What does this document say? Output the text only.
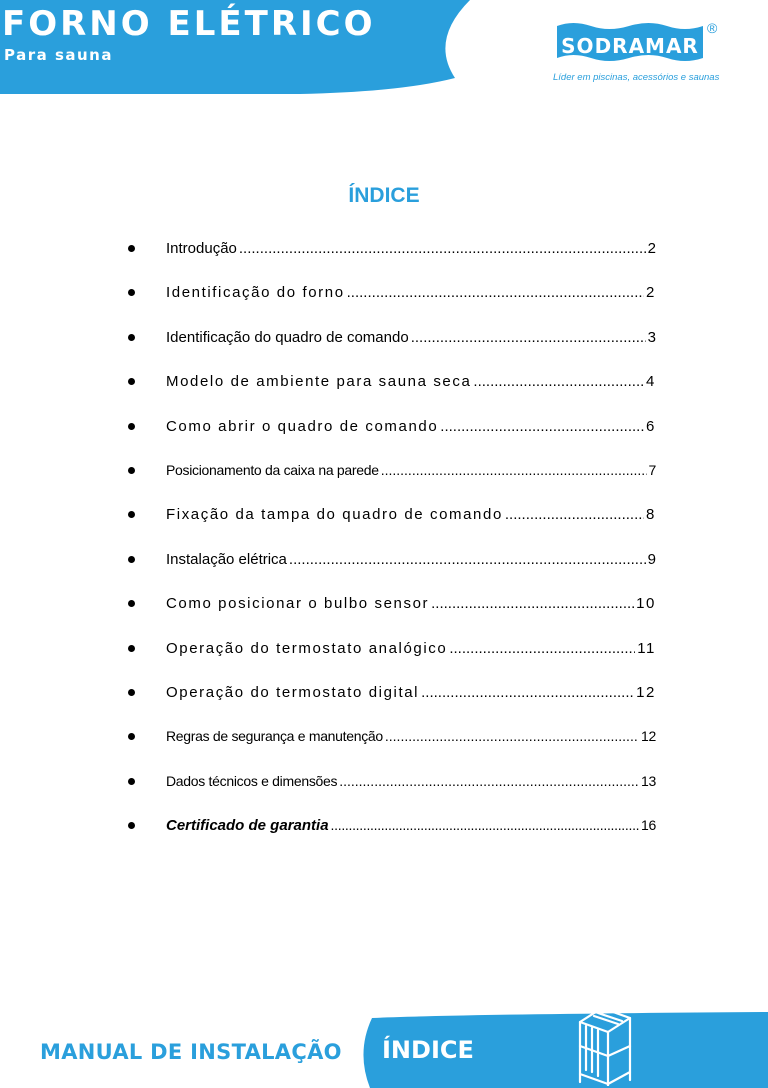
FORNO ELÉTRICO
Para sauna	SODRAMAR
®
Líder em piscinas, acessórios e saunas
ÍNDICE
Introdução .....	2
Identificação do forno .....	2
Identificação do quadro de comando .....	3
Modelo de ambiente para sauna seca .....	4
Como abrir o quadro de comando .....	6
Posicionamento da caixa na parede .....	7
Fixação da tampa do quadro de comando .....	8
Instalação elétrica .....	9
Como posicionar o bulbo sensor .....	10
Operação do termostato analógico .....	11
Operação do termostato digital .....	12
Regras de segurança e manutenção .....	12
Dados técnicos e dimensões .....	13
Certificado de garantia .....	16
MANUAL DE INSTALAÇÃO ÍNDICE
